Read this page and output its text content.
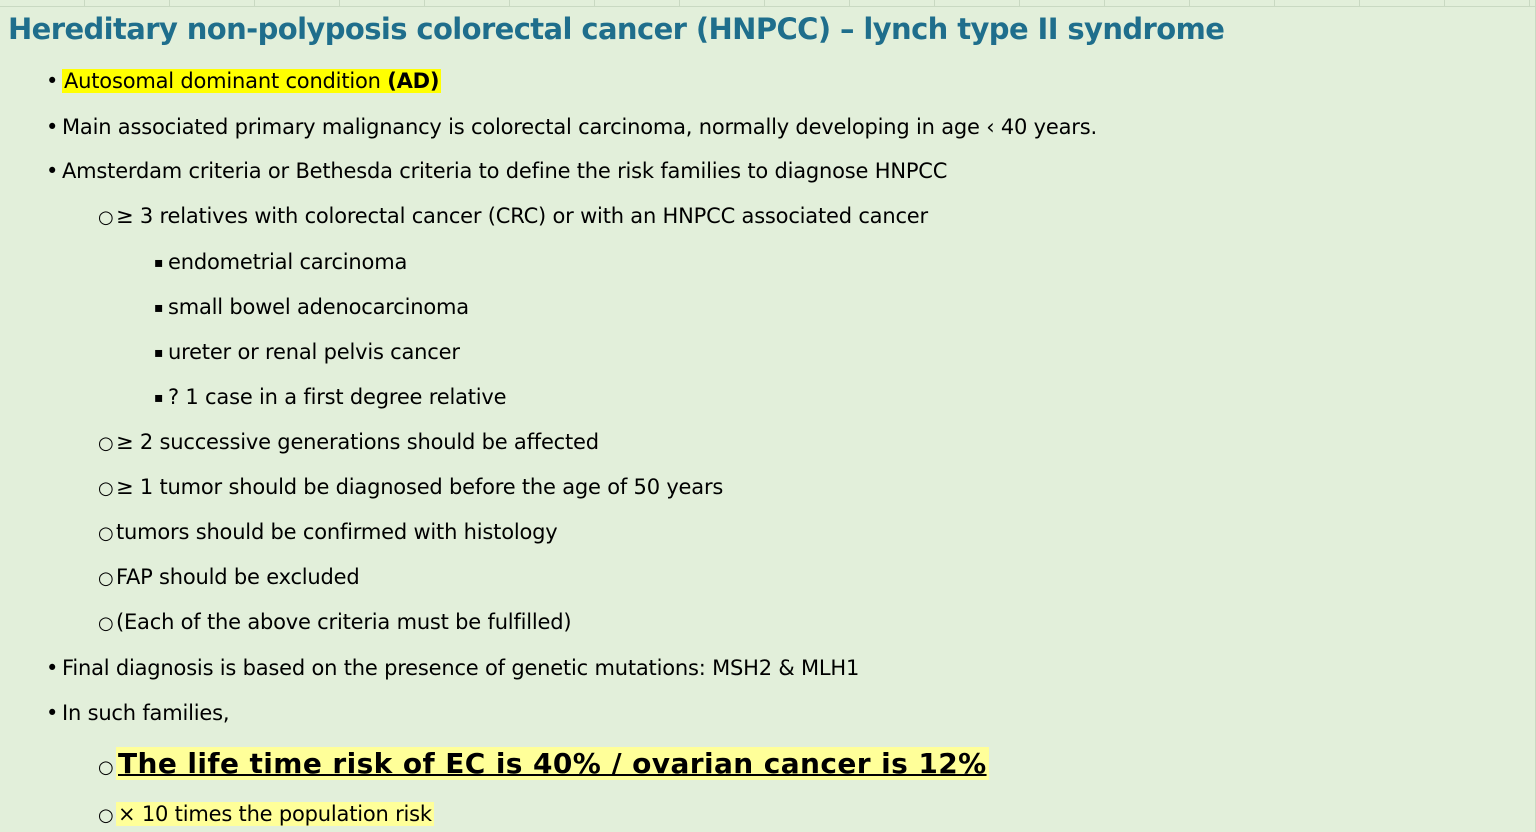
Hereditary non-polyposis colorectal cancer (HNPCC) – lynch type II syndrome
• Autosomal dominant condition (AD)
• Main associated primary malignancy is colorectal carcinoma, normally developing in age ‹ 40 years.
• Amsterdam criteria or Bethesda criteria to define the risk families to diagnose HNPCC
○ ≥ 3 relatives with colorectal cancer (CRC) or with an HNPCC associated cancer
▪ endometrial carcinoma
▪ small bowel adenocarcinoma
▪ ureter or renal pelvis cancer
▪ ? 1 case in a first degree relative
○ ≥ 2 successive generations should be affected
○ ≥ 1 tumor should be diagnosed before the age of 50 years
○ tumors should be confirmed with histology
○ FAP should be excluded
○ (Each of the above criteria must be fulfilled)
• Final diagnosis is based on the presence of genetic mutations: MSH2 & MLH1
• In such families,
○ The life time risk of EC is 40% / ovarian cancer is 12%
○ × 10 times the population risk
